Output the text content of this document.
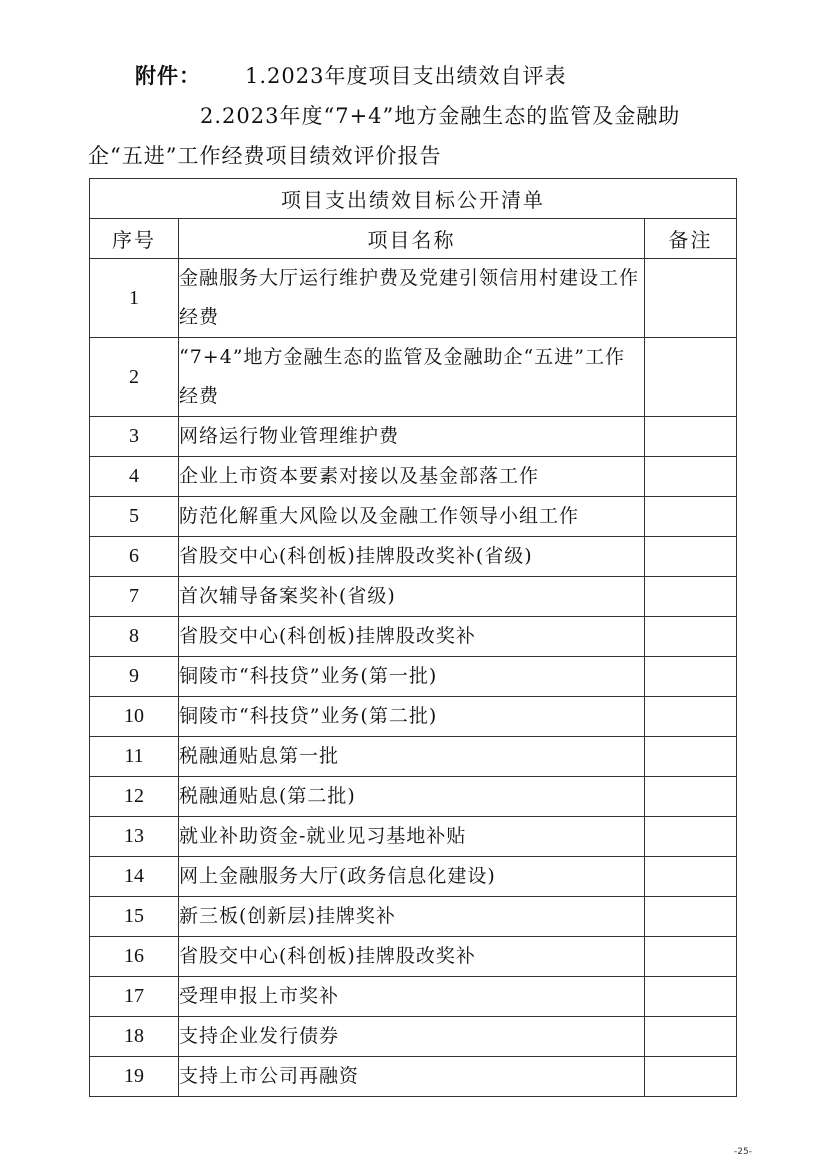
附件： 1.2023年度项目支出绩效自评表
2.2023年度“7+4”地方金融生态的监管及金融助
企“五进”工作经费项目绩效评价报告
项目支出绩效目标公开清单		
序号	项目名称	备注
1	金融服务大厅运行维护费及党建引领信用村建设工作经费	
2	“7+4”地方金融生态的监管及金融助企“五进”工作经费	
3	网络运行物业管理维护费	
4	企业上市资本要素对接以及基金部落工作	
5	防范化解重大风险以及金融工作领导小组工作	
6	省股交中心(科创板)挂牌股改奖补(省级)	
7	首次辅导备案奖补(省级)	
8	省股交中心(科创板)挂牌股改奖补	
9	铜陵市“科技贷”业务(第一批)	
10	铜陵市“科技贷”业务(第二批)	
11	税融通贴息第一批	
12	税融通贴息(第二批)	
13	就业补助资金-就业见习基地补贴	
14	网上金融服务大厅(政务信息化建设)	
15	新三板(创新层)挂牌奖补	
16	省股交中心(科创板)挂牌股改奖补	
17	受理申报上市奖补	
18	支持企业发行债券	
19	支持上市公司再融资	
-25-
